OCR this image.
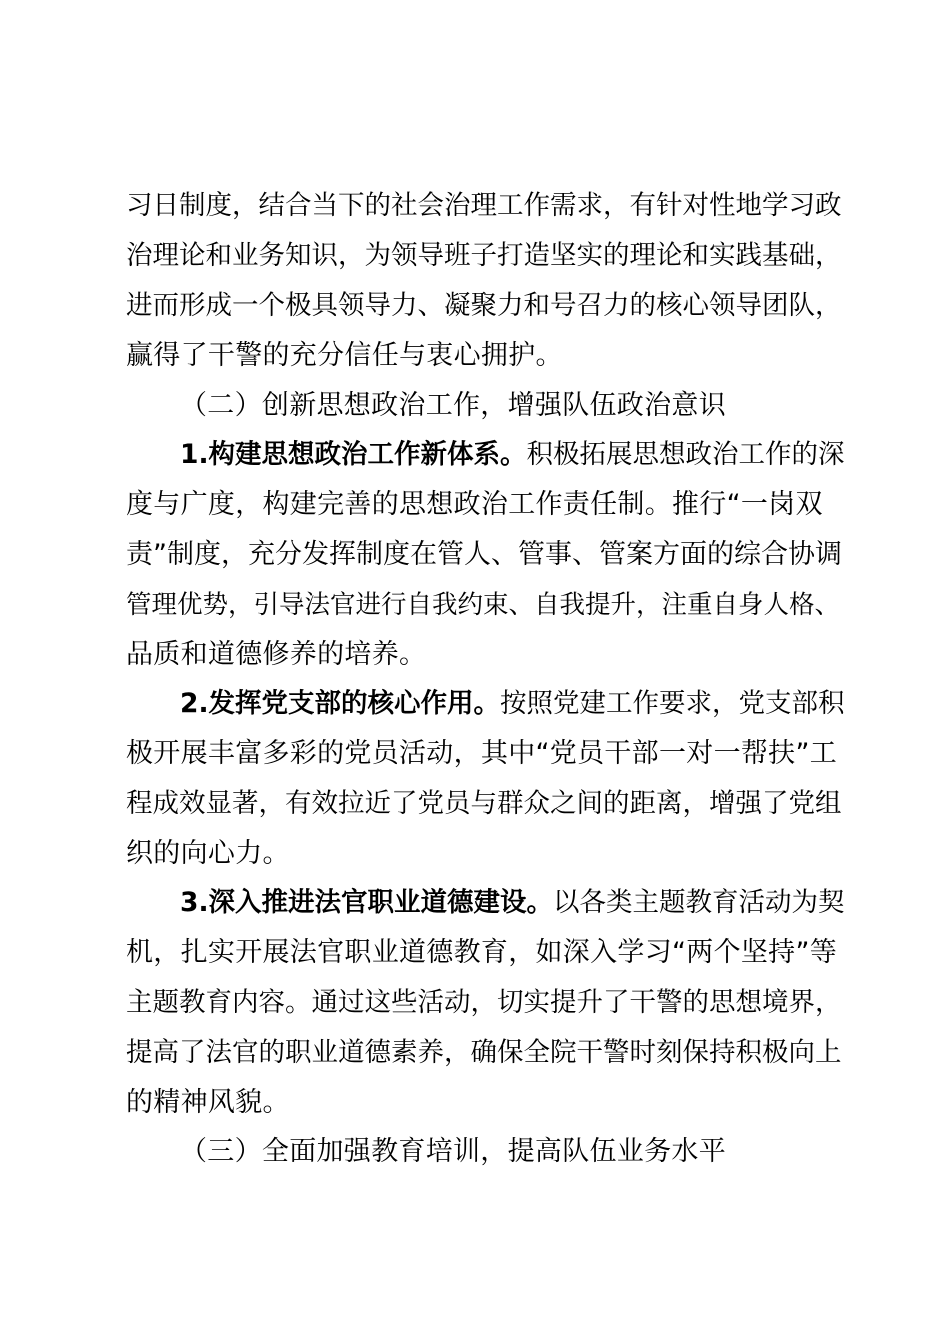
习日制度，结合当下的社会治理工作需求，有针对性地学习政
治理论和业务知识，为领导班子打造坚实的理论和实践基础，
进而形成一个极具领导力、凝聚力和号召力的核心领导团队，
赢得了干警的充分信任与衷心拥护。
（二）创新思想政治工作，增强队伍政治意识
1.构建思想政治工作新体系。积极拓展思想政治工作的深
度与广度，构建完善的思想政治工作责任制。推行“一岗双
责”制度，充分发挥制度在管人、管事、管案方面的综合协调
管理优势，引导法官进行自我约束、自我提升，注重自身人格、
品质和道德修养的培养。
2.发挥党支部的核心作用。按照党建工作要求，党支部积
极开展丰富多彩的党员活动，其中“党员干部一对一帮扶”工
程成效显著，有效拉近了党员与群众之间的距离，增强了党组
织的向心力。
3.深入推进法官职业道德建设。以各类主题教育活动为契
机，扎实开展法官职业道德教育，如深入学习“两个坚持”等
主题教育内容。通过这些活动，切实提升了干警的思想境界，
提高了法官的职业道德素养，确保全院干警时刻保持积极向上
的精神风貌。
（三）全面加强教育培训，提高队伍业务水平
